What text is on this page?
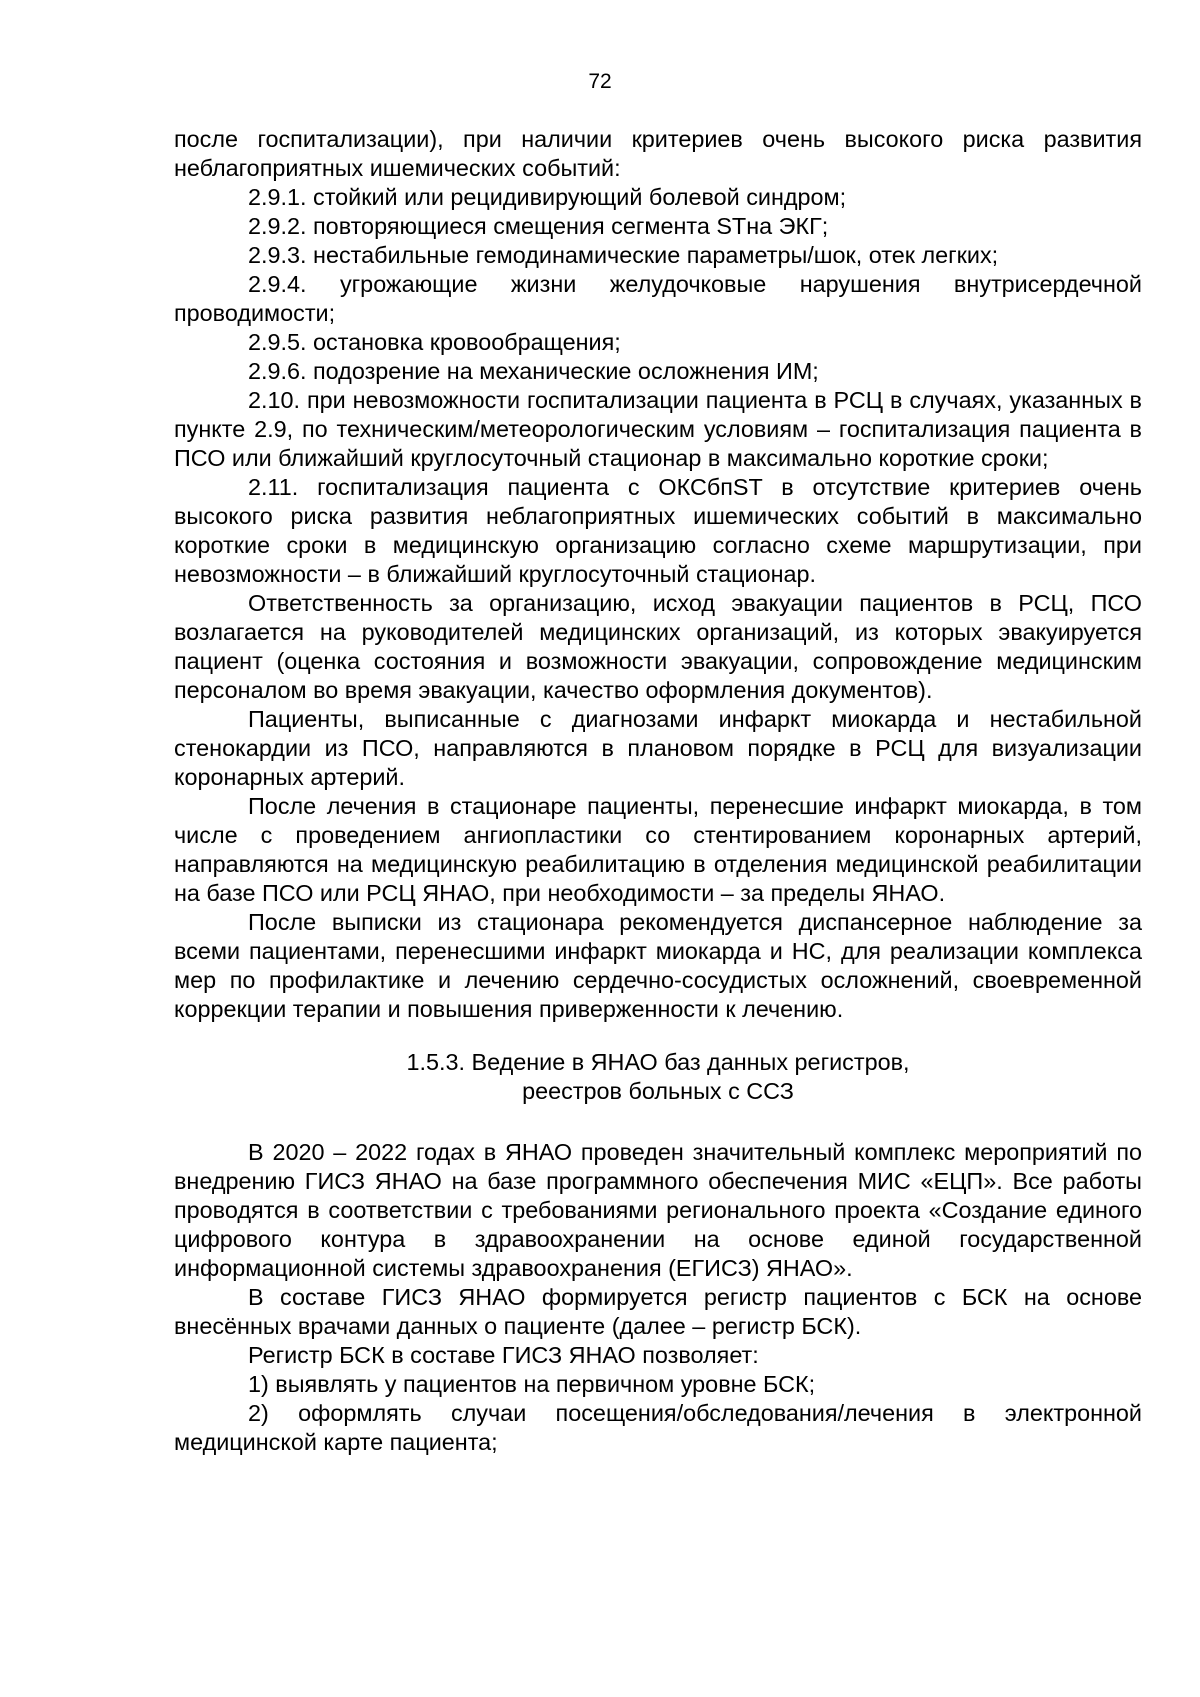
72

после госпитализации), при наличии критериев очень высокого риска развития неблагоприятных ишемических событий:

2.9.1. стойкий или рецидивирующий болевой синдром;

2.9.2. повторяющиеся смещения сегмента STна ЭКГ;

2.9.3. нестабильные гемодинамические параметры/шок, отек легких;

2.9.4. угрожающие жизни желудочковые нарушения внутрисердечной проводимости;

2.9.5. остановка кровообращения;

2.9.6. подозрение на механические осложнения ИМ;

2.10. при невозможности госпитализации пациента в РСЦ в случаях, указанных в пункте 2.9, по техническим/метеорологическим условиям – госпитализация пациента в ПСО или ближайший круглосуточный стационар в максимально короткие сроки;

2.11. госпитализация пациента с ОКСбпST в отсутствие критериев очень высокого риска развития неблагоприятных ишемических событий в максимально короткие сроки в медицинскую организацию согласно схеме маршрутизации, при невозможности – в ближайший круглосуточный стационар.

Ответственность за организацию, исход эвакуации пациентов в РСЦ, ПСО возлагается на руководителей медицинских организаций, из которых эвакуируется пациент (оценка состояния и возможности эвакуации, сопровождение медицинским персоналом во время эвакуации, качество оформления документов).

Пациенты, выписанные с диагнозами инфаркт миокарда и нестабильной стенокардии из ПСО, направляются в плановом порядке в РСЦ для визуализации коронарных артерий.

После лечения в стационаре пациенты, перенесшие инфаркт миокарда, в том числе с проведением ангиопластики со стентированием коронарных артерий, направляются на медицинскую реабилитацию в отделения медицинской реабилитации на базе ПСО или РСЦ ЯНАО, при необходимости – за пределы ЯНАО.

После выписки из стационара рекомендуется диспансерное наблюдение за всеми пациентами, перенесшими инфаркт миокарда и НС, для реализации комплекса мер по профилактике и лечению сердечно-сосудистых осложнений, своевременной коррекции терапии и повышения приверженности к лечению.

1.5.3. Ведение в ЯНАО баз данных регистров,
реестров больных с ССЗ

В 2020 – 2022 годах в ЯНАО проведен значительный комплекс мероприятий по внедрению ГИСЗ ЯНАО на базе программного обеспечения МИС «ЕЦП». Все работы проводятся в соответствии с требованиями регионального проекта «Создание единого цифрового контура в здравоохранении на основе единой государственной информационной системы здравоохранения (ЕГИСЗ) ЯНАО».

В составе ГИСЗ ЯНАО формируется регистр пациентов с БСК на основе внесённых врачами данных о пациенте (далее – регистр БСК).

Регистр БСК в составе ГИСЗ ЯНАО позволяет:

1) выявлять у пациентов на первичном уровне БСК;

2) оформлять случаи посещения/обследования/лечения в электронной медицинской карте пациента;
